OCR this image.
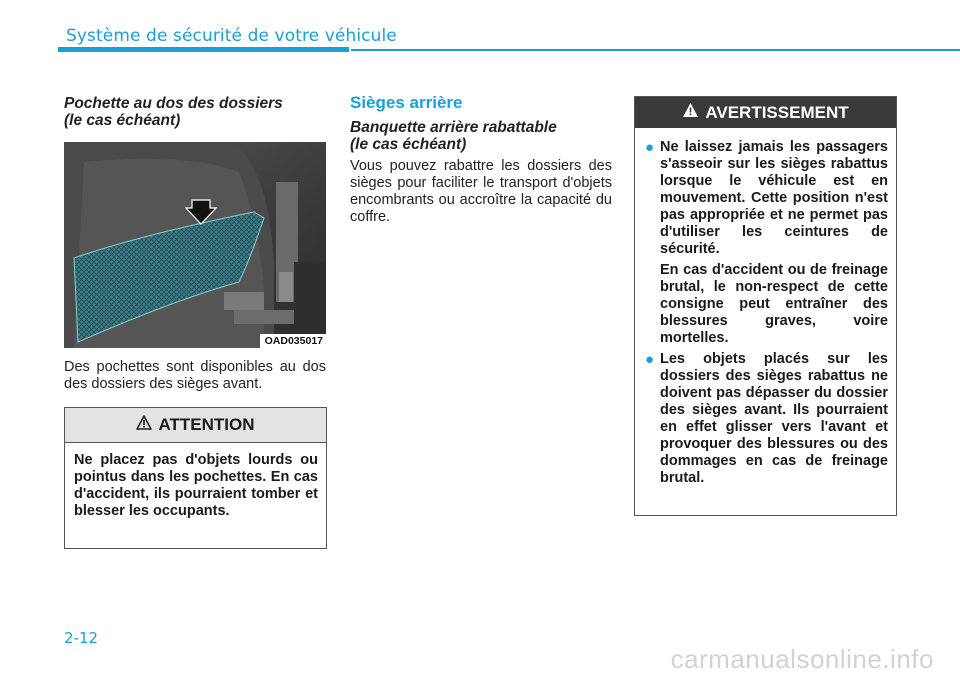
Système de sécurité de votre véhicule
Pochette au dos des dossiers
(le cas échéant)
OAD035017
Des pochettes sont disponibles au dos des dossiers des sièges avant.
ATTENTION
Ne placez pas d'objets lourds ou pointus dans les pochettes. En cas d'accident, ils pourraient tomber et blesser les occupants.
Sièges arrière
Banquette arrière rabattable
(le cas échéant)
Vous pouvez rabattre les dossiers des sièges pour faciliter le transport d'objets encombrants ou accroître la capacité du coffre.
AVERTISSEMENT
● Ne laissez jamais les passagers s'asseoir sur les sièges rabattus lorsque le véhicule est en mouvement. Cette position n'est pas appropriée et ne permet pas d'utiliser les ceintures de sécurité.

En cas d'accident ou de freinage brutal, le non-respect de cette consigne peut entraîner des blessures graves, voire mortelles.

● Les objets placés sur les dossiers des sièges rabattus ne doivent pas dépasser du dossier des sièges avant. Ils pourraient en effet glisser vers l'avant et provoquer des blessures ou des dommages en cas de freinage brutal.

2-12
carmanualsonline.info
